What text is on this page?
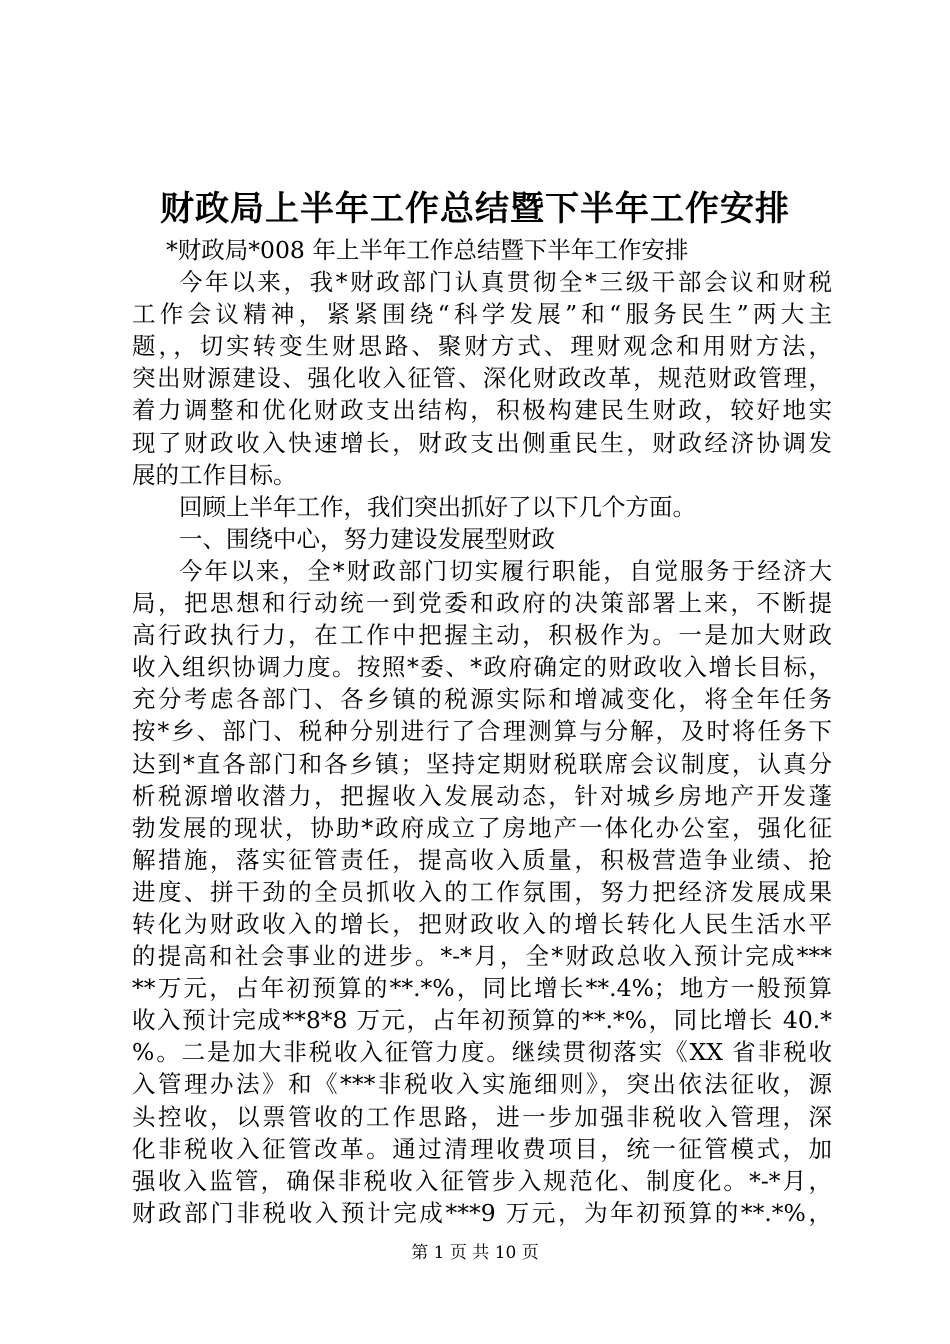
财政局上半年工作总结暨下半年工作安排
*财政局*008 年上半年工作总结暨下半年工作安排
今年以来，我*财政部门认真贯彻全*三级干部会议和财税
工作会议精神，紧紧围绕“科学发展”和“服务民生”两大主
题，，切实转变生财思路、聚财方式、理财观念和用财方法，
突出财源建设、强化收入征管、深化财政改革，规范财政管理，
着力调整和优化财政支出结构，积极构建民生财政，较好地实
现了财政收入快速增长，财政支出侧重民生，财政经济协调发
展的工作目标。
回顾上半年工作，我们突出抓好了以下几个方面。
一、围绕中心，努力建设发展型财政
今年以来，全*财政部门切实履行职能，自觉服务于经济大
局，把思想和行动统一到党委和政府的决策部署上来，不断提
高行政执行力，在工作中把握主动，积极作为。一是加大财政
收入组织协调力度。按照*委、*政府确定的财政收入增长目标，
充分考虑各部门、各乡镇的税源实际和增减变化，将全年任务
按*乡、部门、税种分别进行了合理测算与分解，及时将任务下
达到*直各部门和各乡镇；坚持定期财税联席会议制度，认真分
析税源增收潜力，把握收入发展动态，针对城乡房地产开发蓬
勃发展的现状，协助*政府成立了房地产一体化办公室，强化征
解措施，落实征管责任，提高收入质量，积极营造争业绩、抢
进度、拼干劲的全员抓收入的工作氛围，努力把经济发展成果
转化为财政收入的增长，把财政收入的增长转化人民生活水平
的提高和社会事业的进步。*-*月，全*财政总收入预计完成***
**万元，占年初预算的**.*%，同比增长**.4%；地方一般预算
收入预计完成**8*8 万元，占年初预算的**.*%，同比增长 40.*
%。二是加大非税收入征管力度。继续贯彻落实《XX 省非税收
入管理办法》和《***非税收入实施细则》，突出依法征收，源
头控收，以票管收的工作思路，进一步加强非税收入管理，深
化非税收入征管改革。通过清理收费项目，统一征管模式，加
强收入监管，确保非税收入征管步入规范化、制度化。*-*月，
财政部门非税收入预计完成***9 万元，为年初预算的**.*%，
第 1 页 共 10 页
